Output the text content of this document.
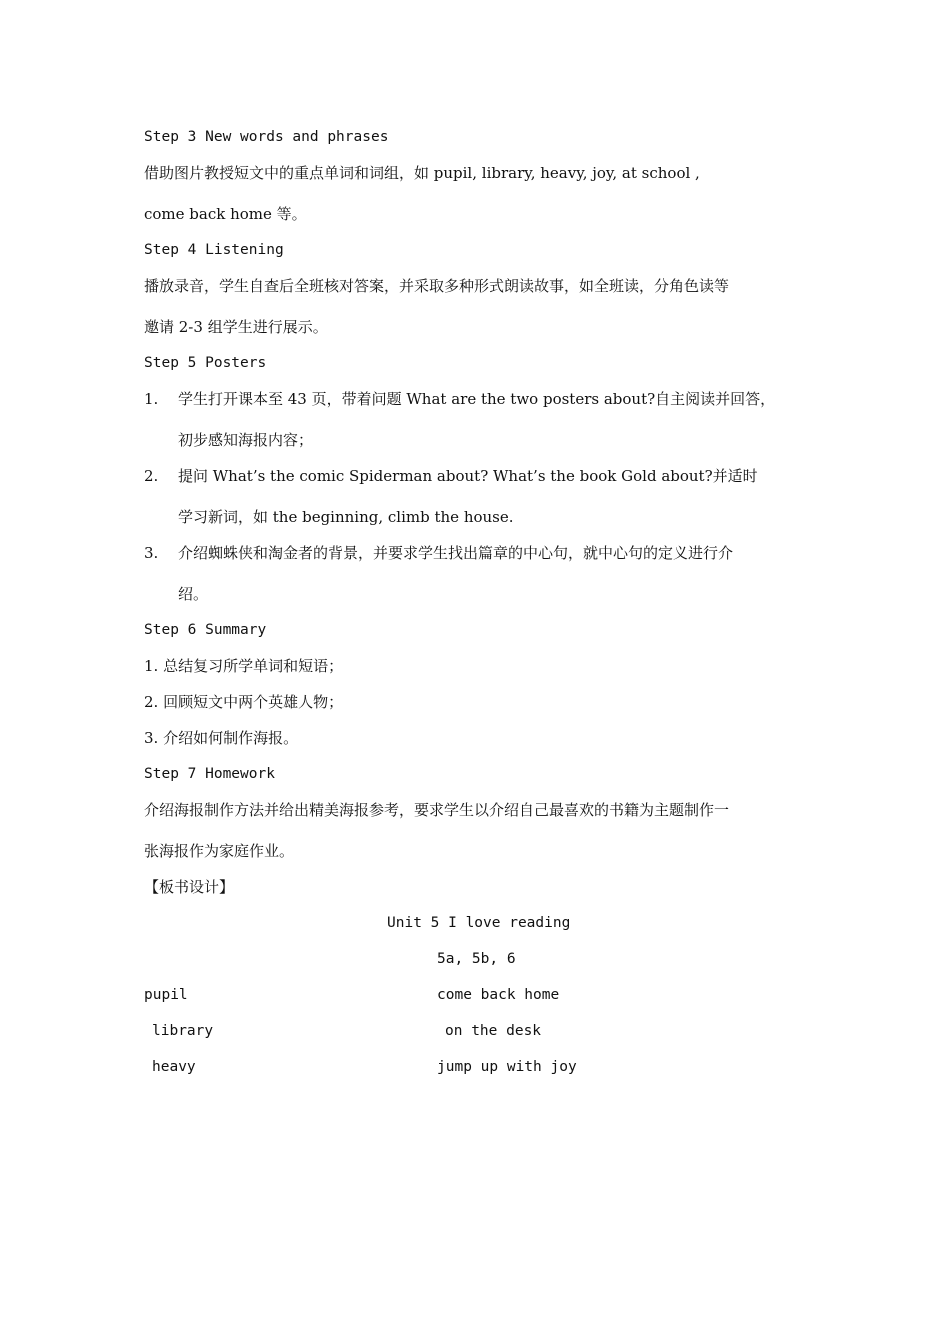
Step 3 New words and phrases
借助图片教授短文中的重点单词和词组，如 pupil, library, heavy, joy, at school ,
come back home 等。
Step 4 Listening
播放录音，学生自查后全班核对答案，并采取多种形式朗读故事，如全班读，分角色读等
邀请 2-3 组学生进行展示。
Step 5 Posters
1. 学生打开课本至 43 页，带着问题 What are the two posters about?自主阅读并回答，
初步感知海报内容；
2. 提问 What’s the comic Spiderman about? What’s the book Gold about?并适时
学习新词，如 the beginning, climb the house.
3. 介绍蜘蛛侠和淘金者的背景，并要求学生找出篇章的中心句，就中心句的定义进行介
绍。
Step 6 Summary
1. 总结复习所学单词和短语；
2. 回顾短文中两个英雄人物；
3. 介绍如何制作海报。
Step 7 Homework
介绍海报制作方法并给出精美海报参考，要求学生以介绍自己最喜欢的书籍为主题制作一
张海报作为家庭作业。
【板书设计】
Unit 5 I love reading
5a, 5b, 6
pupil	come back home
library	on the desk
heavy	jump up with joy
